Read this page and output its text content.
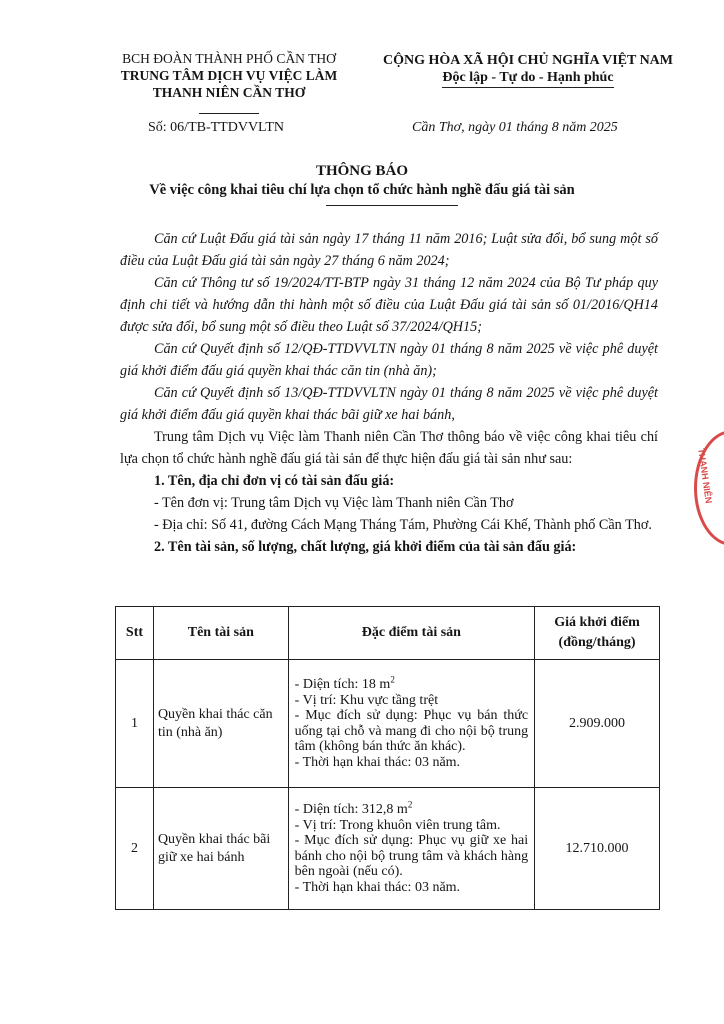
BCH ĐOÀN THÀNH PHỐ CẦN THƠ
TRUNG TÂM DỊCH VỤ VIỆC LÀM
THANH NIÊN CẦN THƠ
CỘNG HÒA XÃ HỘI CHỦ NGHĨA VIỆT NAM
Độc lập - Tự do - Hạnh phúc
Số: 06/TB-TTDVVLTN	Cần Thơ, ngày 01 tháng 8 năm 2025
THÔNG BÁO
Về việc công khai tiêu chí lựa chọn tổ chức hành nghề đấu giá tài sản

Căn cứ Luật Đấu giá tài sản ngày 17 tháng 11 năm 2016; Luật sửa đổi, bổ sung một số điều của Luật Đấu giá tài sản ngày 27 tháng 6 năm 2024;

Căn cứ Thông tư số 19/2024/TT-BTP ngày 31 tháng 12 năm 2024 của Bộ Tư pháp quy định chi tiết và hướng dẫn thi hành một số điều của Luật Đấu giá tài sản số 01/2016/QH14 được sửa đổi, bổ sung một số điều theo Luật số 37/2024/QH15;

Căn cứ Quyết định số 12/QĐ-TTDVVLTN ngày 01 tháng 8 năm 2025 về việc phê duyệt giá khởi điểm đấu giá quyền khai thác căn tin (nhà ăn);

Căn cứ Quyết định số 13/QĐ-TTDVVLTN ngày 01 tháng 8 năm 2025 về việc phê duyệt giá khởi điểm đấu giá quyền khai thác bãi giữ xe hai bánh,

Trung tâm Dịch vụ Việc làm Thanh niên Cần Thơ thông báo về việc công khai tiêu chí lựa chọn tổ chức hành nghề đấu giá tài sản để thực hiện đấu giá tài sản như sau:

1. Tên, địa chỉ đơn vị có tài sản đấu giá:

- Tên đơn vị: Trung tâm Dịch vụ Việc làm Thanh niên Cần Thơ

- Địa chỉ: Số 41, đường Cách Mạng Tháng Tám, Phường Cái Khế, Thành phố Cần Thơ.

2. Tên tài sản, số lượng, chất lượng, giá khởi điểm của tài sản đấu giá:

Stt	Tên tài sản	Đặc điểm tài sản	Giá khởi điểm (đồng/tháng)
1	Quyền khai thác căn tin (nhà ăn)	- Diện tích: 18 $m^2$
- Vị trí: Khu vực tầng trệt
- Mục đích sử dụng: Phục vụ bán thức uống tại chỗ và mang đi cho nội bộ trung tâm (không bán thức ăn khác).
- Thời hạn khai thác: 03 năm.	2.909.000
2	Quyền khai thác bãi giữ xe hai bánh	- Diện tích: 312,8 $m^2$
- Vị trí: Trong khuôn viên trung tâm.
- Mục đích sử dụng: Phục vụ giữ xe hai bánh cho nội bộ trung tâm và khách hàng bên ngoài (nếu có).
- Thời hạn khai thác: 03 năm.	12.710.000
THANH NIÊN
